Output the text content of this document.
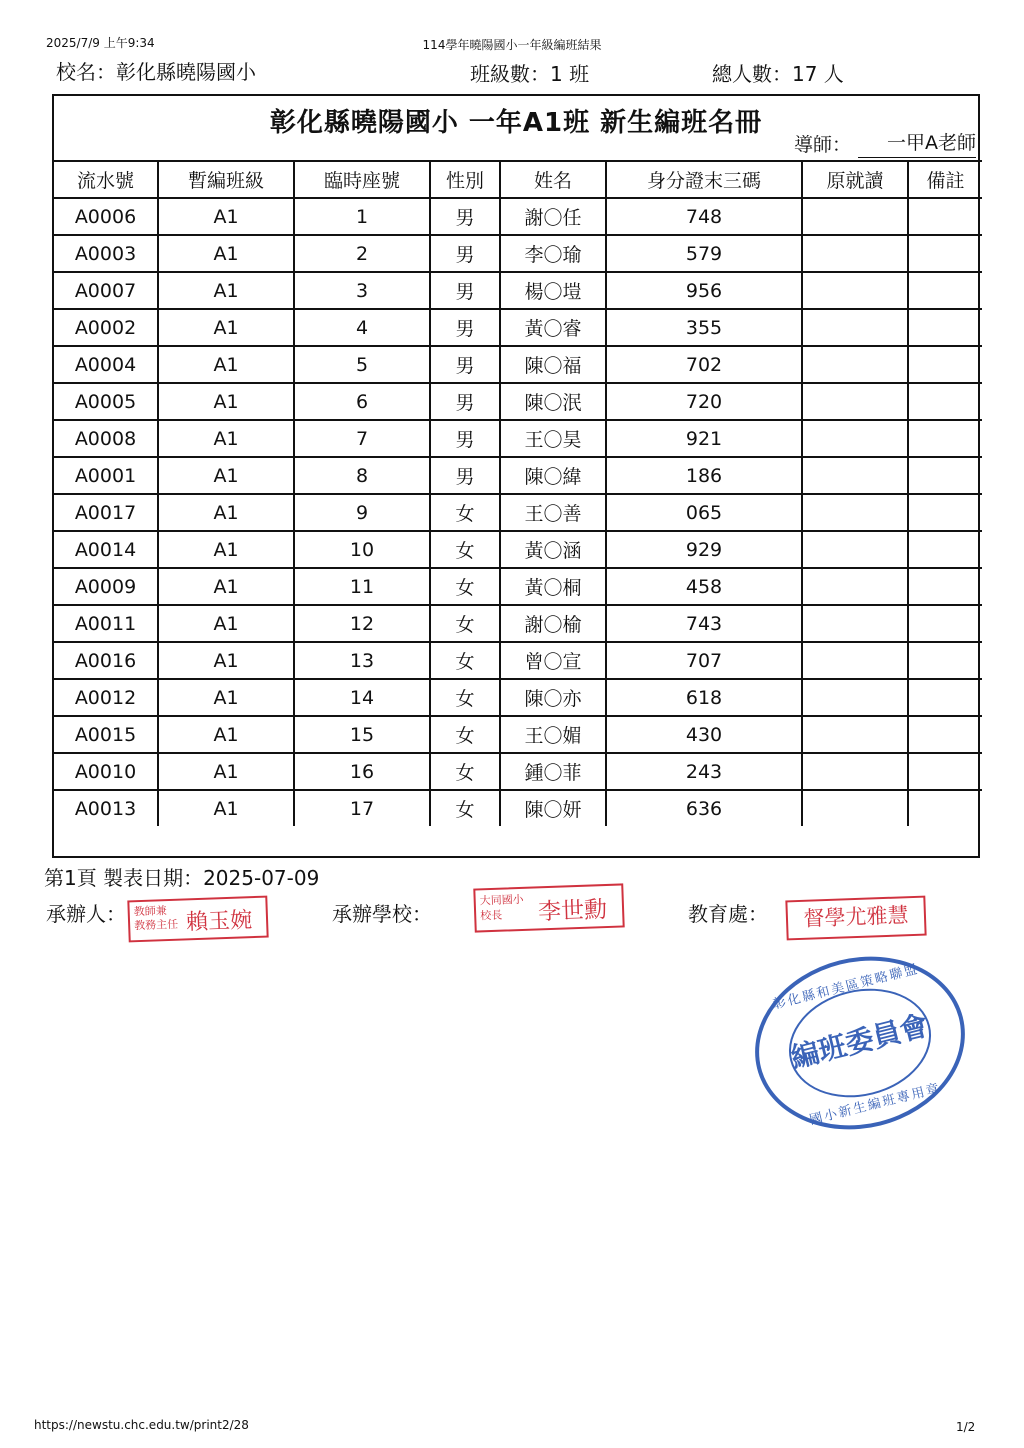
2025/7/9 上午9:34	114學年曉陽國小一年級編班結果
校名：彰化縣曉陽國小	班級數：1 班	總人數：17 人
彰化縣曉陽國小 一年A1班 新生編班名冊
導師：	一甲A老師
流水號	暫編班級	臨時座號	性別	姓名	身分證末三碼	原就讀	備註
A0006	A1	1	男	謝〇任	748		
A0003	A1	2	男	李〇瑜	579		
A0007	A1	3	男	楊〇塏	956		
A0002	A1	4	男	黃〇睿	355		
A0004	A1	5	男	陳〇福	702		
A0005	A1	6	男	陳〇泯	720		
A0008	A1	7	男	王〇昊	921		
A0001	A1	8	男	陳〇緯	186		
A0017	A1	9	女	王〇善	065		
A0014	A1	10	女	黃〇涵	929		
A0009	A1	11	女	黃〇桐	458		
A0011	A1	12	女	謝〇榆	743		
A0016	A1	13	女	曾〇宣	707		
A0012	A1	14	女	陳〇亦	618		
A0015	A1	15	女	王〇媚	430		
A0010	A1	16	女	鍾〇菲	243		
A0013	A1	17	女	陳〇妍	636		
第1頁 製表日期：2025-07-09
承辦人：	承辦學校：	教育處：
教師兼
教務主任 賴玉婉
大同國小
校長	李世勳	督學尤雅慧
彰化縣和美區策略聯盟
編班委員會
國小新生編班專用章
https://newstu.chc.edu.tw/print2/28	1/2
